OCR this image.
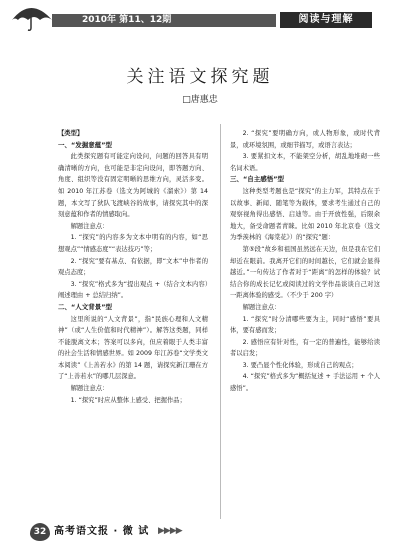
2010年 第11、12期	阅读与理解
关注语文探究题
□唐惠忠

【类型】

一、“发掘意蕴”型

此类探究题有可能定向设问，问题的回答具有明确清晰的方向，也可能是非定向设问，即答题方向、角度、组织等没有固定明晰的思维方向，灵活多变。如 2010 年江苏卷（选文为阿城的《溜索》）第 14 题，本文写了狄队飞渡峡谷的故事，请探究其中的深刻意蕴和作者的情感取向。

解题注意点：

1. “探究”的内容多为文本中明有的内容，如“思想观点”“情感态度”“表达技巧”等；

2. “探究”要有基点、有依据，即“文本”中作者的观点态度；

3. “探究”格式多为“提出观点 +（结合文本内容）阐述理由 + 总结归纳”。

二、“人文背景”型

这里所说的“人文背景”，指“民族心理和人文精神”（或“人生价值和时代精神”）。解答这类题，同样不能脱离文本；答案可以多向，但应着眼于人类丰富的社会生活和情感世界。如 2009 年江苏卷“文学类文本阅读”《上善若水》的第 14 题，请探究新江珊在方了“上善若水”的哪几层深意。

解题注意点：

1. “探究”时应从整体上感受、把握作品；

2. “探究”要明确方向，或人物形象，或时代背景，或环境氛围，或细节描写，或语言表达；

3. 要紧扣文本，不能架空分析，胡乱地堆砌一些名词术语。

三、“自主感悟”型

这种类型考题也是“探究”的主力军，其特点在于以故事、新闻、随笔等为载体，要求考生通过自己的观察视角得出感悟、启迪等。由于开放性强，后限余地大，备受命题者青睐。比如 2010 年北京卷（选文为季羡林的《海棠花》）的“探究”题：

第⑤段“故乡和祖国虽然远在天边，但是我在它们却近在眼前。我离开它们的时间越长，它们就会显得越近。”一句传达了作者对于“距离”的怎样的体验？试结合你的成长记忆或阅读过的文学作品谈谈自己对这一距离体验的感受。（不少于 200 字）

解题注意点：

1. “探究”时分清哪些要为主，同时“感悟”要具体，要有感而发；

2. 感悟应有针对性，有一定的普遍性，能够给读者以启发；

3. 要凸显个性化体验，形成自己的观点；

4. “探究”格式多为“概括复述 + 手法运用 + 个人感悟”。

32 高考语文报 · 微 试 ▶▶▶▶
